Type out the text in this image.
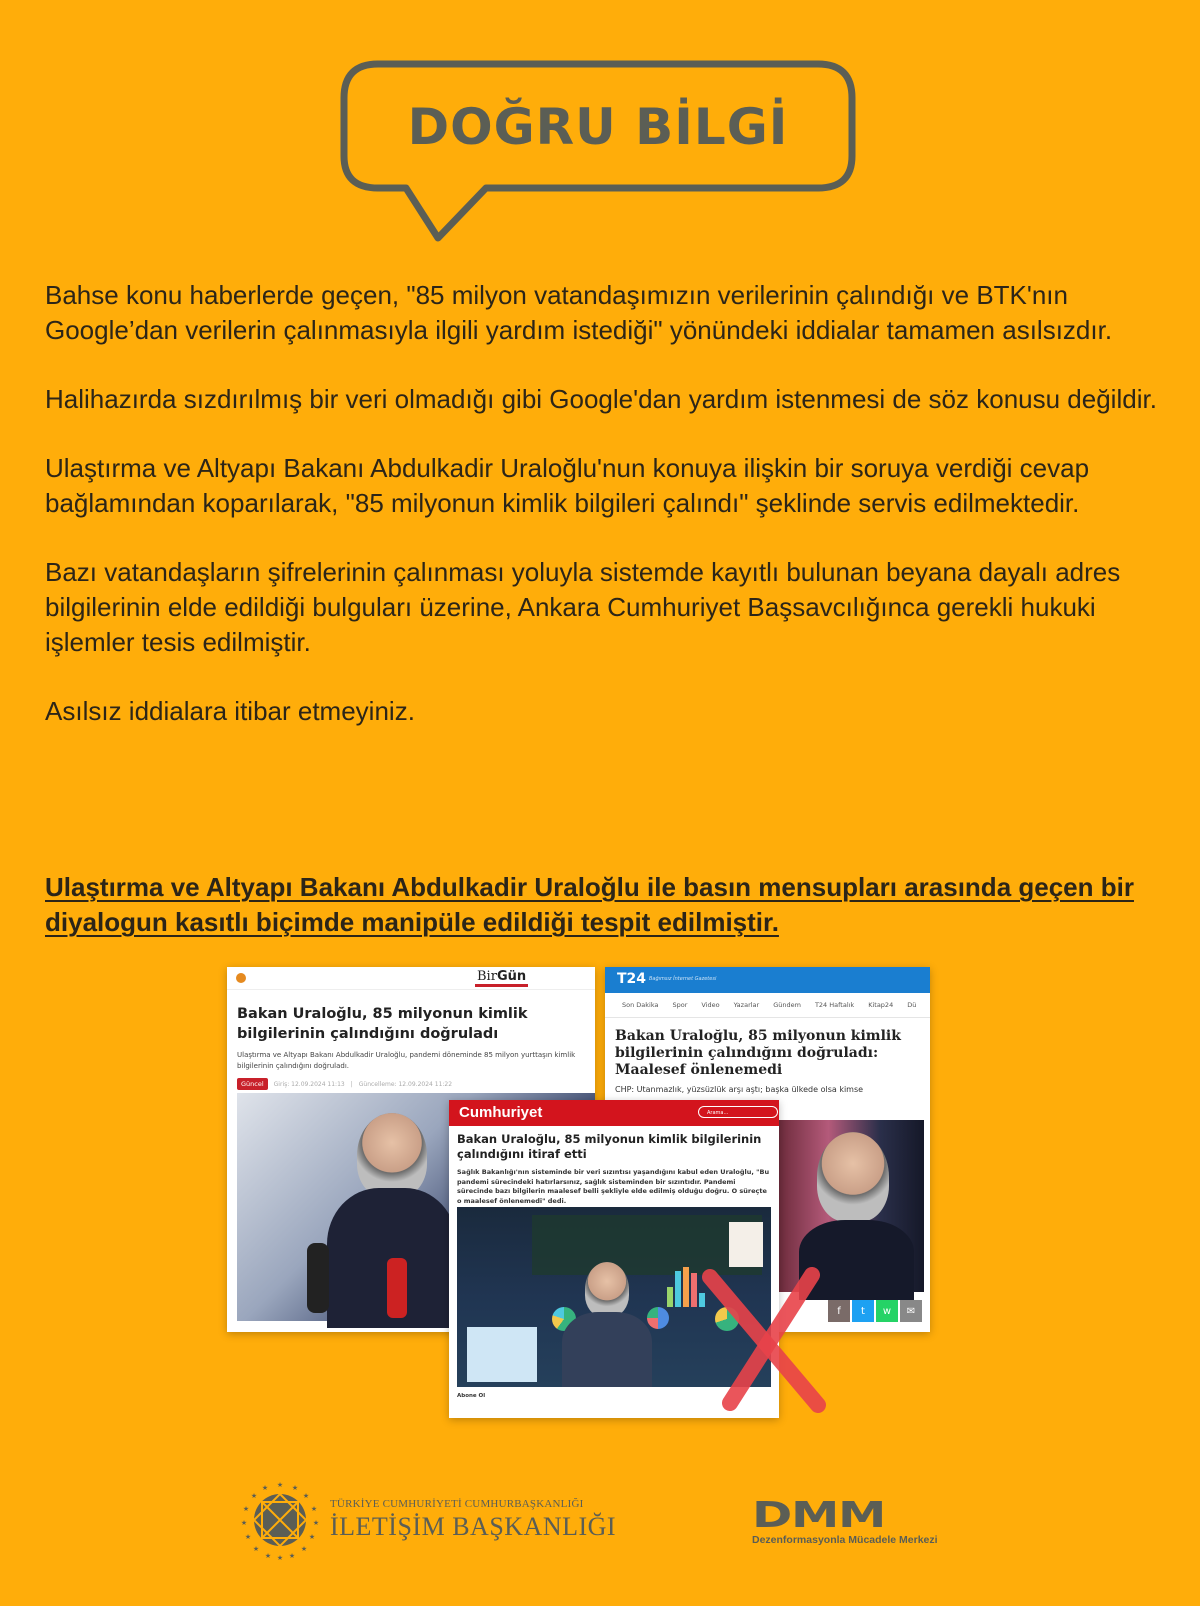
DOĞRU BİLGİ

Bahse konu haberlerde geçen, "85 milyon vatandaşımızın verilerinin çalındığı ve BTK'nın Google’dan verilerin çalınmasıyla ilgili yardım istediği" yönündeki iddialar tamamen asılsızdır.

Halihazırda sızdırılmış bir veri olmadığı gibi Google'dan yardım istenmesi de söz konusu değildir.

Ulaştırma ve Altyapı Bakanı Abdulkadir Uraloğlu'nun konuya ilişkin bir soruya verdiği cevap bağlamından koparılarak, "85 milyonun kimlik bilgileri çalındı" şeklinde servis edilmektedir.

Bazı vatandaşların şifrelerinin çalınması yoluyla sistemde kayıtlı bulunan beyana dayalı adres bilgilerinin elde edildiği bulguları üzerine, Ankara Cumhuriyet Başsavcılığınca gerekli hukuki işlemler tesis edilmiştir.

Asılsız iddialara itibar etmeyiniz.

Ulaştırma ve Altyapı Bakanı Abdulkadir Uraloğlu ile basın mensupları arasında geçen bir diyalogun kasıtlı biçimde manipüle edildiği tespit edilmiştir.
BirGün
Bakan Uraloğlu, 85 milyonun kimlik bilgilerinin çalındığını doğruladı
Ulaştırma ve Altyapı Bakanı Abdulkadir Uraloğlu, pandemi döneminde 85 milyon yurttaşın kimlik bilgilerinin çalındığını doğruladı.
Güncel	Giriş: 12.09.2024 11:13 | Güncelleme: 12.09.2024 11:22
T24 Bağımsız İnternet Gazetesi
Son Dakika Spor Video Yazarlar Gündem T24 Haftalık Kitap24 Dü
Bakan Uraloğlu, 85 milyonun kimlik bilgilerinin çalındığını doğruladı: Maalesef önlenemedi
CHP: Utanmazlık, yüzsüzlük arşı aştı; başka ülkede olsa kimse
f	t	w	✉
Cumhuriyet	Arama...
Bakan Uraloğlu, 85 milyonun kimlik bilgilerinin çalındığını itiraf etti
Sağlık Bakanlığı'nın sisteminde bir veri sızıntısı yaşandığını kabul eden Uraloğlu, "Bu pandemi sürecindeki hatırlarsınız, sağlık sisteminden bir sızıntıdır. Pandemi sürecinde bazı bilgilerin maalesef belli şekliyle elde edilmiş olduğu doğru. O süreçte o maalesef önlenemedi" dedi.
Abone Ol
★ ★
★
★
★
★
★
★
★
★
★
★
★
★
★
★
TÜRKİYE CUMHURİYETİ CUMHURBAŞKANLIĞI
İLETİŞİM BAŞKANLIĞI	DMM
Dezenformasyonla Mücadele Merkezi
